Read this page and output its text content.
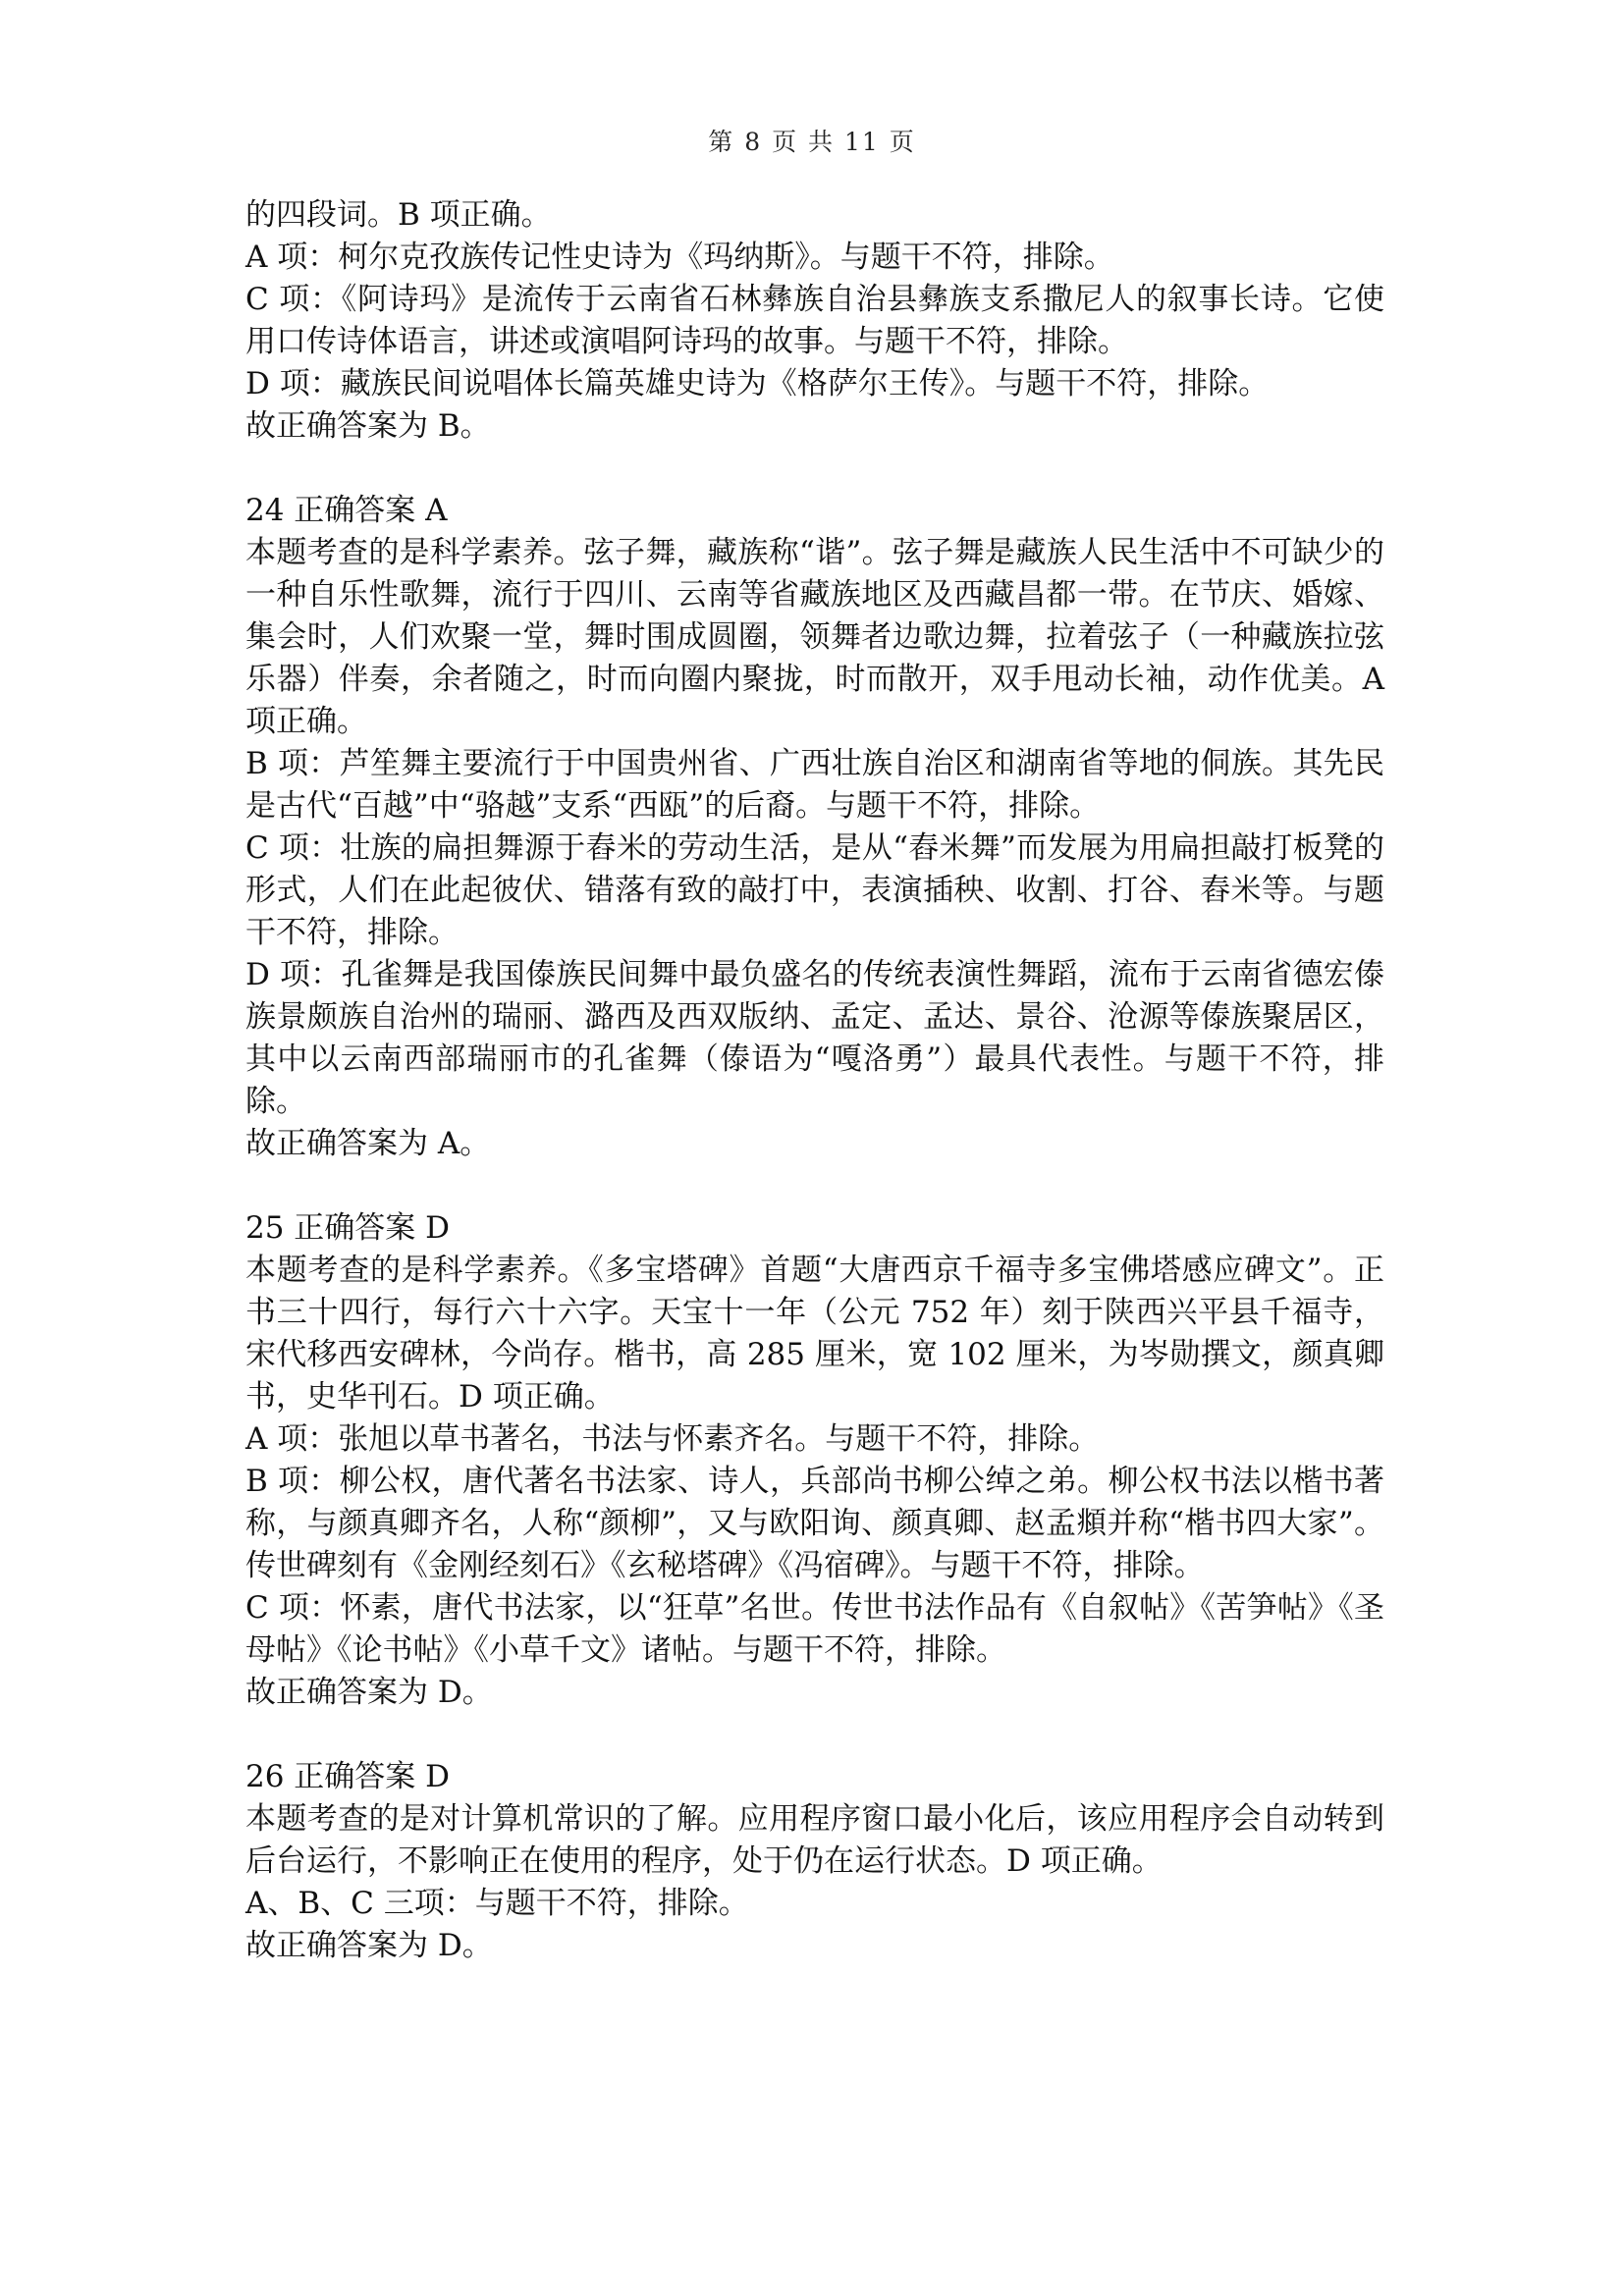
第 8 页 共 11 页

的四段词。B 项正确。

A 项：柯尔克孜族传记性史诗为《玛纳斯》。与题干不符，排除。

C 项：《阿诗玛》是流传于云南省石林彝族自治县彝族支系撒尼人的叙事长诗。它使用口传诗体语言，讲述或演唱阿诗玛的故事。与题干不符，排除。

D 项：藏族民间说唱体长篇英雄史诗为《格萨尔王传》。与题干不符，排除。

故正确答案为 B。

24 正确答案 A

本题考查的是科学素养。弦子舞，藏族称“谐”。弦子舞是藏族人民生活中不可缺少的一种自乐性歌舞，流行于四川、云南等省藏族地区及西藏昌都一带。在节庆、婚嫁、集会时，人们欢聚一堂，舞时围成圆圈，领舞者边歌边舞，拉着弦子（一种藏族拉弦乐器）伴奏，余者随之，时而向圈内聚拢，时而散开，双手甩动长袖，动作优美。A 项正确。

B 项：芦笙舞主要流行于中国贵州省、广西壮族自治区和湖南省等地的侗族。其先民是古代“百越”中“骆越”支系“西瓯”的后裔。与题干不符，排除。

C 项：壮族的扁担舞源于舂米的劳动生活，是从“舂米舞”而发展为用扁担敲打板凳的形式，人们在此起彼伏、错落有致的敲打中，表演插秧、收割、打谷、舂米等。与题干不符，排除。

D 项：孔雀舞是我国傣族民间舞中最负盛名的传统表演性舞蹈，流布于云南省德宏傣族景颇族自治州的瑞丽、潞西及西双版纳、孟定、孟达、景谷、沧源等傣族聚居区，其中以云南西部瑞丽市的孔雀舞（傣语为“嘎洛勇”）最具代表性。与题干不符，排除。

故正确答案为 A。

25 正确答案 D

本题考查的是科学素养。《多宝塔碑》首题“大唐西京千福寺多宝佛塔感应碑文”。正书三十四行，每行六十六字。天宝十一年（公元 752 年）刻于陕西兴平县千福寺，宋代移西安碑林，今尚存。楷书，高 285 厘米，宽 102 厘米，为岑勋撰文，颜真卿书，史华刊石。D 项正确。

A 项：张旭以草书著名，书法与怀素齐名。与题干不符，排除。

B 项：柳公权，唐代著名书法家、诗人，兵部尚书柳公绰之弟。柳公权书法以楷书著称，与颜真卿齐名，人称“颜柳”，又与欧阳询、颜真卿、赵孟頫并称“楷书四大家”。传世碑刻有《金刚经刻石》《玄秘塔碑》《冯宿碑》。与题干不符，排除。

C 项：怀素，唐代书法家，以“狂草”名世。传世书法作品有《自叙帖》《苦笋帖》《圣母帖》《论书帖》《小草千文》诸帖。与题干不符，排除。

故正确答案为 D。

26 正确答案 D

本题考查的是对计算机常识的了解。应用程序窗口最小化后，该应用程序会自动转到后台运行，不影响正在使用的程序，处于仍在运行状态。D 项正确。

A、B、C 三项：与题干不符，排除。

故正确答案为 D。
